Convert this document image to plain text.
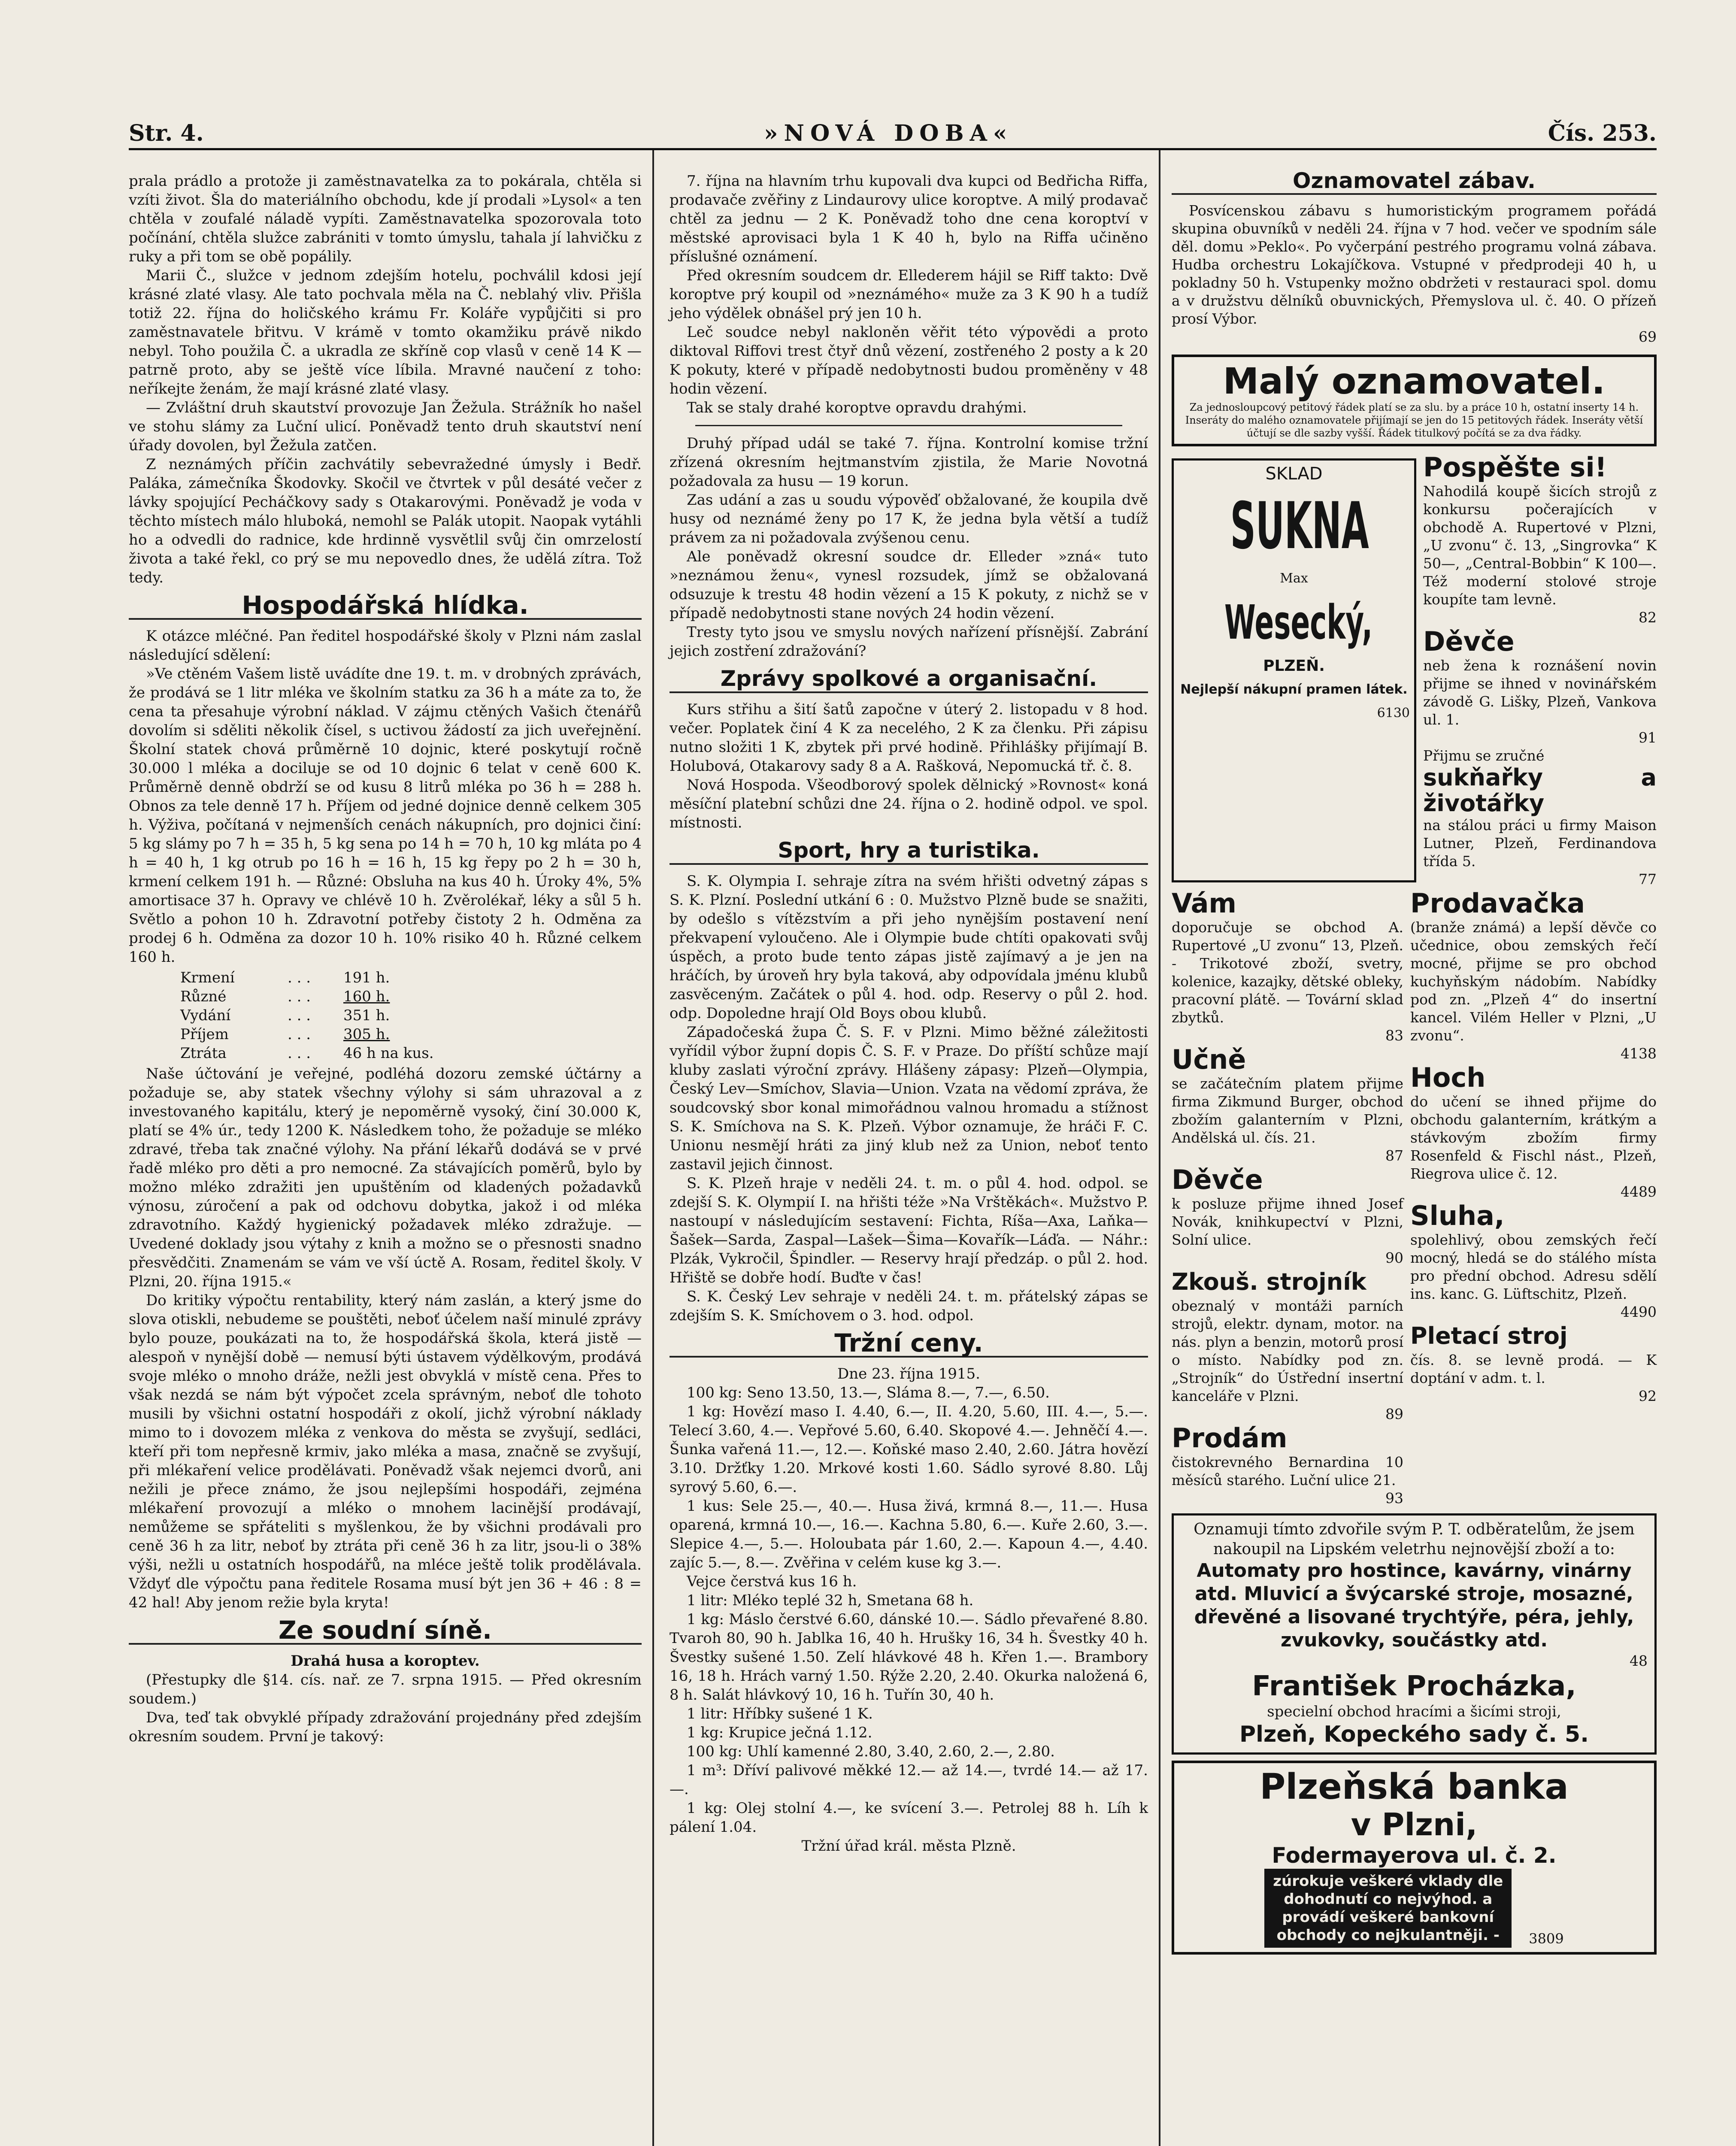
Str. 4.	»NOVÁ DOBA«	Čís. 253.

prala prádlo a protože ji zaměstnavatelka za to pokárala, chtěla si vzíti život. Šla do materiálního obchodu, kde jí prodali »Lysol« a ten chtěla v zoufalé náladě vypíti. Zaměstnavatelka spozorovala toto počínání, chtěla služce zabrániti v tomto úmyslu, tahala jí lahvičku z ruky a při tom se obě popálily.

Marii Č., služce v jednom zdejším hotelu, pochválil kdosi její krásné zlaté vlasy. Ale tato pochvala měla na Č. neblahý vliv. Přišla totiž 22. října do holičského krámu Fr. Koláře vypůjčiti si pro zaměstnavatele břitvu. V krámě v tomto okamžiku právě nikdo nebyl. Toho použila Č. a ukradla ze skříně cop vlasů v ceně 14 K — patrně proto, aby se ještě více líbila. Mravné naučení z toho: neříkejte ženám, že mají krásné zlaté vlasy.

— Zvláštní druh skautství provozuje Jan Žežula. Strážník ho našel ve stohu slámy za Luční ulicí. Poněvadž tento druh skautství není úřady dovolen, byl Žežula zatčen.

Z neznámých příčin zachvátily sebevražedné úmysly i Bedř. Paláka, zámečníka Škodovky. Skočil ve čtvrtek v půl desáté večer z lávky spojující Pecháčkovy sady s Otakarovými. Poněvadž je voda v těchto místech málo hluboká, nemohl se Palák utopit. Naopak vytáhli ho a odvedli do radnice, kde hrdinně vysvětlil svůj čin omrzelostí života a také řekl, co prý se mu nepovedlo dnes, že udělá zítra. Tož tedy.

Hospodářská hlídka.

K otázce mléčné. Pan ředitel hospodářské školy v Plzni nám zaslal následující sdělení:

»Ve ctěném Vašem listě uvádíte dne 19. t. m. v drobných zprávách, že prodává se 1 litr mléka ve školním statku za 36 h a máte za to, že cena ta přesahuje výrobní náklad. V zájmu ctěných Vašich čtenářů dovolím si sděliti několik čísel, s uctivou žádostí za jich uveřejnění. Školní statek chová průměrně 10 dojnic, které poskytují ročně 30.000 l mléka a dociluje se od 10 dojnic 6 telat v ceně 600 K. Průměrně denně obdrží se od kusu 8 litrů mléka po 36 h = 288 h. Obnos za tele denně 17 h. Příjem od jedné dojnice denně celkem 305 h. Výživa, počítaná v nejmenších cenách nákupních, pro dojnici činí: 5 kg slámy po 7 h = 35 h, 5 kg sena po 14 h = 70 h, 10 kg mláta po 4 h = 40 h, 1 kg otrub po 16 h = 16 h, 15 kg řepy po 2 h = 30 h, krmení celkem 191 h. — Různé: Obsluha na kus 40 h. Úroky 4%, 5% amortisace 37 h. Opravy ve chlévě 10 h. Zvěrolékař, léky a sůl 5 h. Světlo a pohon 10 h. Zdravotní potřeby čistoty 2 h. Odměna za prodej 6 h. Odměna za dozor 10 h. 10% risiko 40 h. Různé celkem 160 h.

Krmení	. . .	191 h.
Různé	. . .	160 h.
Vydání	. . .	351 h.
Příjem	. . .	305 h.
Ztráta	. . .	46 h na kus.

Naše účtování je veřejné, podléhá dozoru zemské účtárny a požaduje se, aby statek všechny výlohy si sám uhrazoval a z investovaného kapitálu, který je nepoměrně vysoký, činí 30.000 K, platí se 4% úr., tedy 1200 K. Následkem toho, že požaduje se mléko zdravé, třeba tak značné výlohy. Na přání lékařů dodává se v prvé řadě mléko pro děti a pro nemocné. Za stávajících poměrů, bylo by možno mléko zdražiti jen upuštěním od kladených požadavků výnosu, zúročení a pak od odchovu dobytka, jakož i od mléka zdravotního. Každý hygienický požadavek mléko zdražuje. — Uvedené doklady jsou výtahy z knih a možno se o přesnosti snadno přesvědčiti. Znamenám se vám ve vší úctě A. Rosam, ředitel školy. V Plzni, 20. října 1915.«

Do kritiky výpočtu rentability, který nám zaslán, a který jsme do slova otiskli, nebudeme se pouštěti, neboť účelem naší minulé zprávy bylo pouze, poukázati na to, že hospodářská škola, která jistě — alespoň v nynější době — nemusí býti ústavem výdělkovým, prodává svoje mléko o mnoho dráže, nežli jest obvyklá v místě cena. Přes to však nezdá se nám být výpočet zcela správným, neboť dle tohoto musili by všichni ostatní hospodáři z okolí, jichž výrobní náklady mimo to i dovozem mléka z venkova do města se zvyšují, sedláci, kteří při tom nepřesně krmiv, jako mléka a masa, značně se zvyšují, při mlékaření velice prodělávati. Poněvadž však nejemci dvorů, ani nežili je přece známo, že jsou nejlepšími hospodáři, zejména mlékaření provozují a mléko o mnohem lacinější prodávají, nemůžeme se spřáteliti s myšlenkou, že by všichni prodávali pro ceně 36 h za litr, neboť by ztráta při ceně 36 h za litr, jsou-li o 38% výši, nežli u ostatních hospodářů, na mléce ještě tolik prodělávala. Vždyť dle výpočtu pana ředitele Rosama musí být jen 36 + 46 : 8 = 42 hal! Aby jenom režie byla kryta!

Ze soudní síně.

Drahá husa a koroptev.

(Přestupky dle §14. cís. nař. ze 7. srpna 1915. — Před okresním soudem.)

Dva, teď tak obvyklé případy zdražování projednány před zdejším okresním soudem. První je takový:

7. října na hlavním trhu kupovali dva kupci od Bedřicha Riffa, prodavače zvěřiny z Lindaurovy ulice koroptve. A milý prodavač chtěl za jednu — 2 K. Poněvadž toho dne cena koroptví v městské aprovisaci byla 1 K 40 h, bylo na Riffa učiněno příslušné oznámení.

Před okresním soudcem dr. Ellederem hájil se Riff takto: Dvě koroptve prý koupil od »neznámého« muže za 3 K 90 h a tudíž jeho výdělek obnášel prý jen 10 h.

Leč soudce nebyl nakloněn věřit této výpovědi a proto diktoval Riffovi trest čtyř dnů vězení, zostřeného 2 posty a k 20 K pokuty, které v případě nedobytnosti budou proměněny v 48 hodin vězení.

Tak se staly drahé koroptve opravdu drahými.

Druhý případ udál se také 7. října. Kontrolní komise tržní zřízená okresním hejtmanstvím zjistila, že Marie Novotná požadovala za husu — 19 korun.

Zas udání a zas u soudu výpověď obžalované, že koupila dvě husy od neznámé ženy po 17 K, že jedna byla větší a tudíž právem za ni požadovala zvýšenou cenu.

Ale poněvadž okresní soudce dr. Elleder »zná« tuto »neznámou ženu«, vynesl rozsudek, jímž se obžalovaná odsuzuje k trestu 48 hodin vězení a 15 K pokuty, z nichž se v případě nedobytnosti stane nových 24 hodin vězení.

Tresty tyto jsou ve smyslu nových nařízení přísnější. Zabrání jejich zostření zdražování?

Zprávy spolkové a organisační.

Kurs střihu a šití šatů započne v úterý 2. listopadu v 8 hod. večer. Poplatek činí 4 K za necelého, 2 K za členku. Při zápisu nutno složiti 1 K, zbytek při prvé hodině. Přihlášky přijímají B. Holubová, Otakarovy sady 8 a A. Rašková, Nepomucká tř. č. 8.

Nová Hospoda. Všeodborový spolek dělnický »Rovnost« koná měsíční platební schůzi dne 24. října o 2. hodině odpol. ve spol. místnosti.

Sport, hry a turistika.

S. K. Olympia I. sehraje zítra na svém hřišti odvetný zápas s S. K. Plzní. Poslední utkání 6 : 0. Mužstvo Plzně bude se snažiti, by odešlo s vítězstvím a při jeho nynějším postavení není překvapení vyloučeno. Ale i Olympie bude chtíti opakovati svůj úspěch, a proto bude tento zápas jistě zajímavý a je jen na hráčích, by úroveň hry byla taková, aby odpovídala jménu klubů zasvěceným. Začátek o půl 4. hod. odp. Reservy o půl 2. hod. odp. Dopoledne hrají Old Boys obou klubů.

Západočeská župa Č. S. F. v Plzni. Mimo běžné záležitosti vyřídil výbor župní dopis Č. S. F. v Praze. Do příští schůze mají kluby zaslati výroční zprávy. Hlášeny zápasy: Plzeň—Olympia, Český Lev—Smíchov, Slavia—Union. Vzata na vědomí zpráva, že soudcovský sbor konal mimořádnou valnou hromadu a stížnost S. K. Smíchova na S. K. Plzeň. Výbor oznamuje, že hráči F. C. Unionu nesmějí hráti za jiný klub než za Union, neboť tento zastavil jejich činnost.

S. K. Plzeň hraje v neděli 24. t. m. o půl 4. hod. odpol. se zdejší S. K. Olympií I. na hřišti téže »Na Vrštěkách«. Mužstvo P. nastoupí v následujícím sestavení: Fichta, Ríša—Axa, Laňka—Šašek—Sarda, Zaspal—Lašek—Šima—Kovařík—Láďa. — Náhr.: Plzák, Vykročil, Špindler. — Reservy hrají předzáp. o půl 2. hod. Hřiště se dobře hodí. Buďte v čas!

S. K. Český Lev sehraje v neděli 24. t. m. přátelský zápas se zdejším S. K. Smíchovem o 3. hod. odpol.

Tržní ceny.

Dne 23. října 1915.

100 kg: Seno 13.50, 13.—, Sláma 8.—, 7.—, 6.50.

1 kg: Hovězí maso I. 4.40, 6.—, II. 4.20, 5.60, III. 4.—, 5.—. Telecí 3.60, 4.—. Vepřové 5.60, 6.40. Skopové 4.—. Jehněčí 4.—. Šunka vařená 11.—, 12.—. Koňské maso 2.40, 2.60. Játra hovězí 3.10. Držťky 1.20. Mrkové kosti 1.60. Sádlo syrové 8.80. Lůj syrový 5.60, 6.—.

1 kus: Sele 25.—, 40.—. Husa živá, krmná 8.—, 11.—. Husa oparená, krmná 10.—, 16.—. Kachna 5.80, 6.—. Kuře 2.60, 3.—. Slepice 4.—, 5.—. Holoubata pár 1.60, 2.—. Kapoun 4.—, 4.40. zajíc 5.—, 8.—. Zvěřina v celém kuse kg 3.—.

Vejce čerstvá kus 16 h.

1 litr: Mléko teplé 32 h, Smetana 68 h.

1 kg: Máslo čerstvé 6.60, dánské 10.—. Sádlo převařené 8.80. Tvaroh 80, 90 h. Jablka 16, 40 h. Hrušky 16, 34 h. Švestky 40 h. Švestky sušené 1.50. Zelí hlávkové 48 h. Křen 1.—. Brambory 16, 18 h. Hrách varný 1.50. Rýže 2.20, 2.40. Okurka naložená 6, 8 h. Salát hlávkový 10, 16 h. Tuřín 30, 40 h.

1 litr: Hříbky sušené 1 K.

1 kg: Krupice ječná 1.12.

100 kg: Uhlí kamenné 2.80, 3.40, 2.60, 2.—, 2.80.

1 m³: Dříví palivové měkké 12.— až 14.—, tvrdé 14.— až 17.—.

1 kg: Olej stolní 4.—, ke svícení 3.—. Petrolej 88 h. Líh k pálení 1.04.

Tržní úřad král. města Plzně.

Oznamovatel zábav.

Posvícenskou zábavu s humoristickým programem pořádá skupina obuvníků v neděli 24. října v 7 hod. večer ve spodním sále děl. domu »Peklo«. Po vyčerpání pestrého programu volná zábava. Hudba orchestru Lokajíčkova. Vstupné v předprodeji 40 h, u pokladny 50 h. Vstupenky možno obdržeti v restauraci spol. domu a v družstvu dělníků obuvnických, Přemyslova ul. č. 40. O přízeň prosí Výbor.

69

Malý oznamovatel.
Za jednosloupcový petitový řádek platí se za slu. by a práce 10 h, ostatní inserty 14 h. Inseráty do malého oznamovatele přijímají se jen do 15 petitových řádek. Inseráty větší účtují se dle sazby vyšší. Řádek titulkový počítá se za dva řádky.
SKLAD
SUKNA
Max
Wesecký,
PLZEŇ.
Nejlepší nákupní pramen látek.
6130
Pospěšte si!
Nahodilá koupě šicích strojů z konkursu počerajících v obchodě A. Rupertové v Plzni, „U zvonu“ č. 13, „Singrovka“ K 50—, „Central-Bobbin“ K 100—. Též moderní stolové stroje koupíte tam levně.
82
Děvče
neb žena k roznášení novin přijme se ihned v novinářském závodě G. Lišky, Plzeň, Vankova ul. 1.
91
Přijmu se zručné
sukňařky a životářky
na stálou práci u firmy Maison Lutner, Plzeň, Ferdinandova třída 5.
77
Vám
doporučuje se obchod A. Rupertové „U zvonu“ 13, Plzeň. - Trikotové zboží, svetry, kolenice, kazajky, dětské obleky, pracovní plátě. — Tovární sklad zbytků.
83
Učně
se začátečním platem přijme firma Zikmund Burger, obchod zbožím galanterním v Plzni, Andělská ul. čís. 21.
87
Děvče
k posluze přijme ihned Josef Novák, knihkupectví v Plzni, Solní ulice.
90
Zkouš. strojník
obeznalý v montáži parních strojů, elektr. dynam, motor. na nás. plyn a benzin, motorů prosí o místo. Nabídky pod zn. „Strojník“ do Ústřední insertní kanceláře v Plzni.
89
Prodám
čistokrevného Bernardina 10 měsíců starého. Luční ulice 21.
93
Prodavačka
(branže známá) a lepší děvče co učednice, obou zemských řečí mocné, přijme se pro obchod kuchyňským nádobím. Nabídky pod zn. „Plzeň 4“ do insertní kancel. Vilém Heller v Plzni, „U zvonu“.
4138
Hoch
do učení se ihned přijme do obchodu galanterním, krátkým a stávkovým zbožím firmy Rosenfeld & Fischl nást., Plzeň, Riegrova ulice č. 12.
4489
Sluha,
spolehlivý, obou zemských řečí mocný, hledá se do stálého místa pro přední obchod. Adresu sdělí ins. kanc. G. Lüftschitz, Plzeň.
4490
Pletací stroj
čís. 8. se levně prodá. — K doptání v adm. t. l.
92
Oznamuji tímto zdvořile svým P. T. odběratelům, že jsem nakoupil na Lipském veletrhu nejnovější zboží a to:
Automaty pro hostince, kavárny, vinárny atd. Mluvicí a švýcarské stroje, mosazné, dřevěné a lisované trychtýře, péra, jehly, zvukovky, součástky atd.
48
František Procházka,
specielní obchod hracími a šicími stroji,
Plzeň, Kopeckého sady č. 5.
Plzeňská banka
v Plzni,
Fodermayerova ul. č. 2.
zúrokuje veškeré vklady dle dohodnutí co nejvýhod. a provádí veškeré bankovní obchody co nejkulantněji. -	3809
